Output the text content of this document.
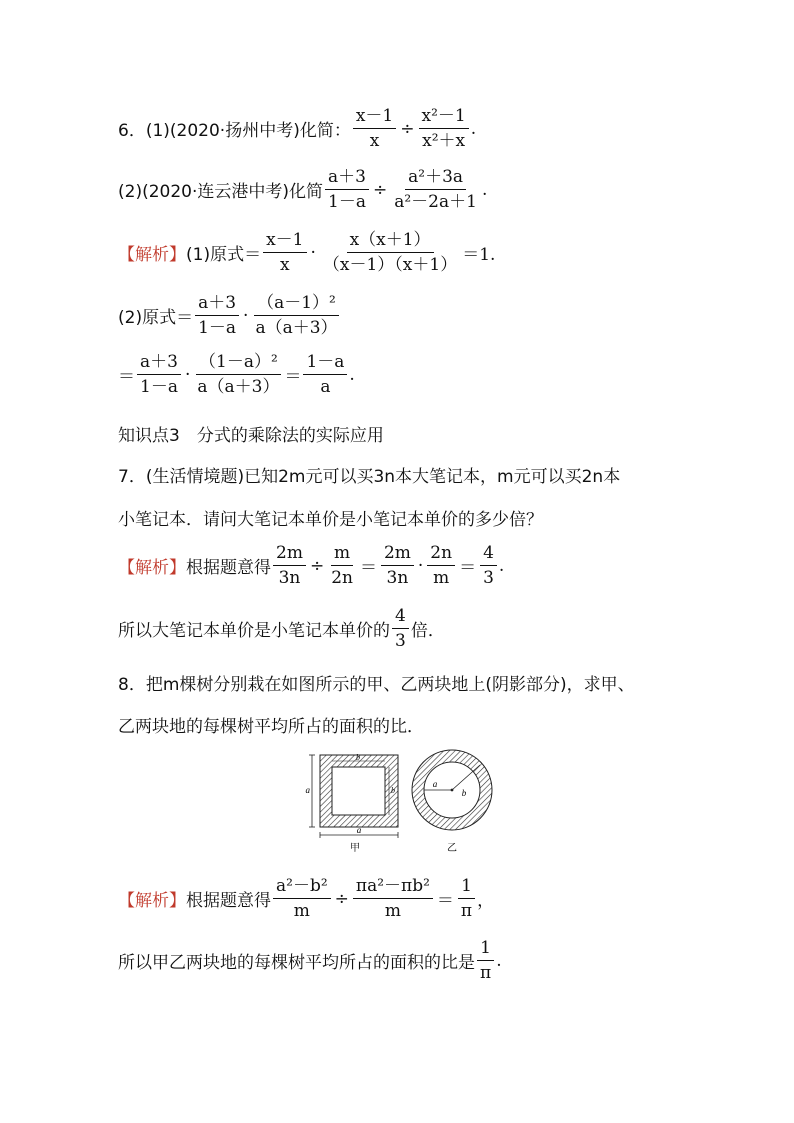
6．(1)(2020·扬州中考)化简： $\frac{x-1}{x} \div \frac{\text{x²－1}}{\text{x²＋x}}$ .
(2)(2020·连云港中考)化简 $\frac{a+3}{1-a} \div \frac{\text{a²＋3a}}{\text{a²－2a＋1}}$ .
【解析】 (1)原式＝ $\frac{x-1}{x} \cdot \frac{x(x+1)}{(x-1)(x+1)} =1$.
(2)原式＝ $\frac{a+3}{1-a} \cdot \frac{\text{（a－1）²}}{a(a+3)}$
＝ $\frac{a+3}{1-a} \cdot \frac{\text{（1－a）²}}{a(a+3)} = \frac{1-a}{a}$ .
知识点3　分式的乘除法的实际应用
7．(生活情境题)已知2m元可以买3n本大笔记本，m元可以买2n本
小笔记本．请问大笔记本单价是小笔记本单价的多少倍？
【解析】 根据题意得 $\frac{2m}{3n} \div \frac{m}{2n} = \frac{2m}{3n} \cdot \frac{2n}{m} = \frac{4}{3}$ .
所以大笔记本单价是小笔记本单价的 $\frac{4}{3}$ 倍．
8．把m棵树分别栽在如图所示的甲、乙两块地上(阴影部分)，求甲、
乙两块地的每棵树平均所占的面积的比．
a
a
b
b
甲
a
b
乙
【解析】 根据题意得 $\frac{\text{a²－b²}}{m} \div \frac{\text{πa²－πb²}}{m} = \frac{1}{\pi}$ ，
所以甲乙两块地的每棵树平均所占的面积的比是 $\frac{1}{\pi}$ .
